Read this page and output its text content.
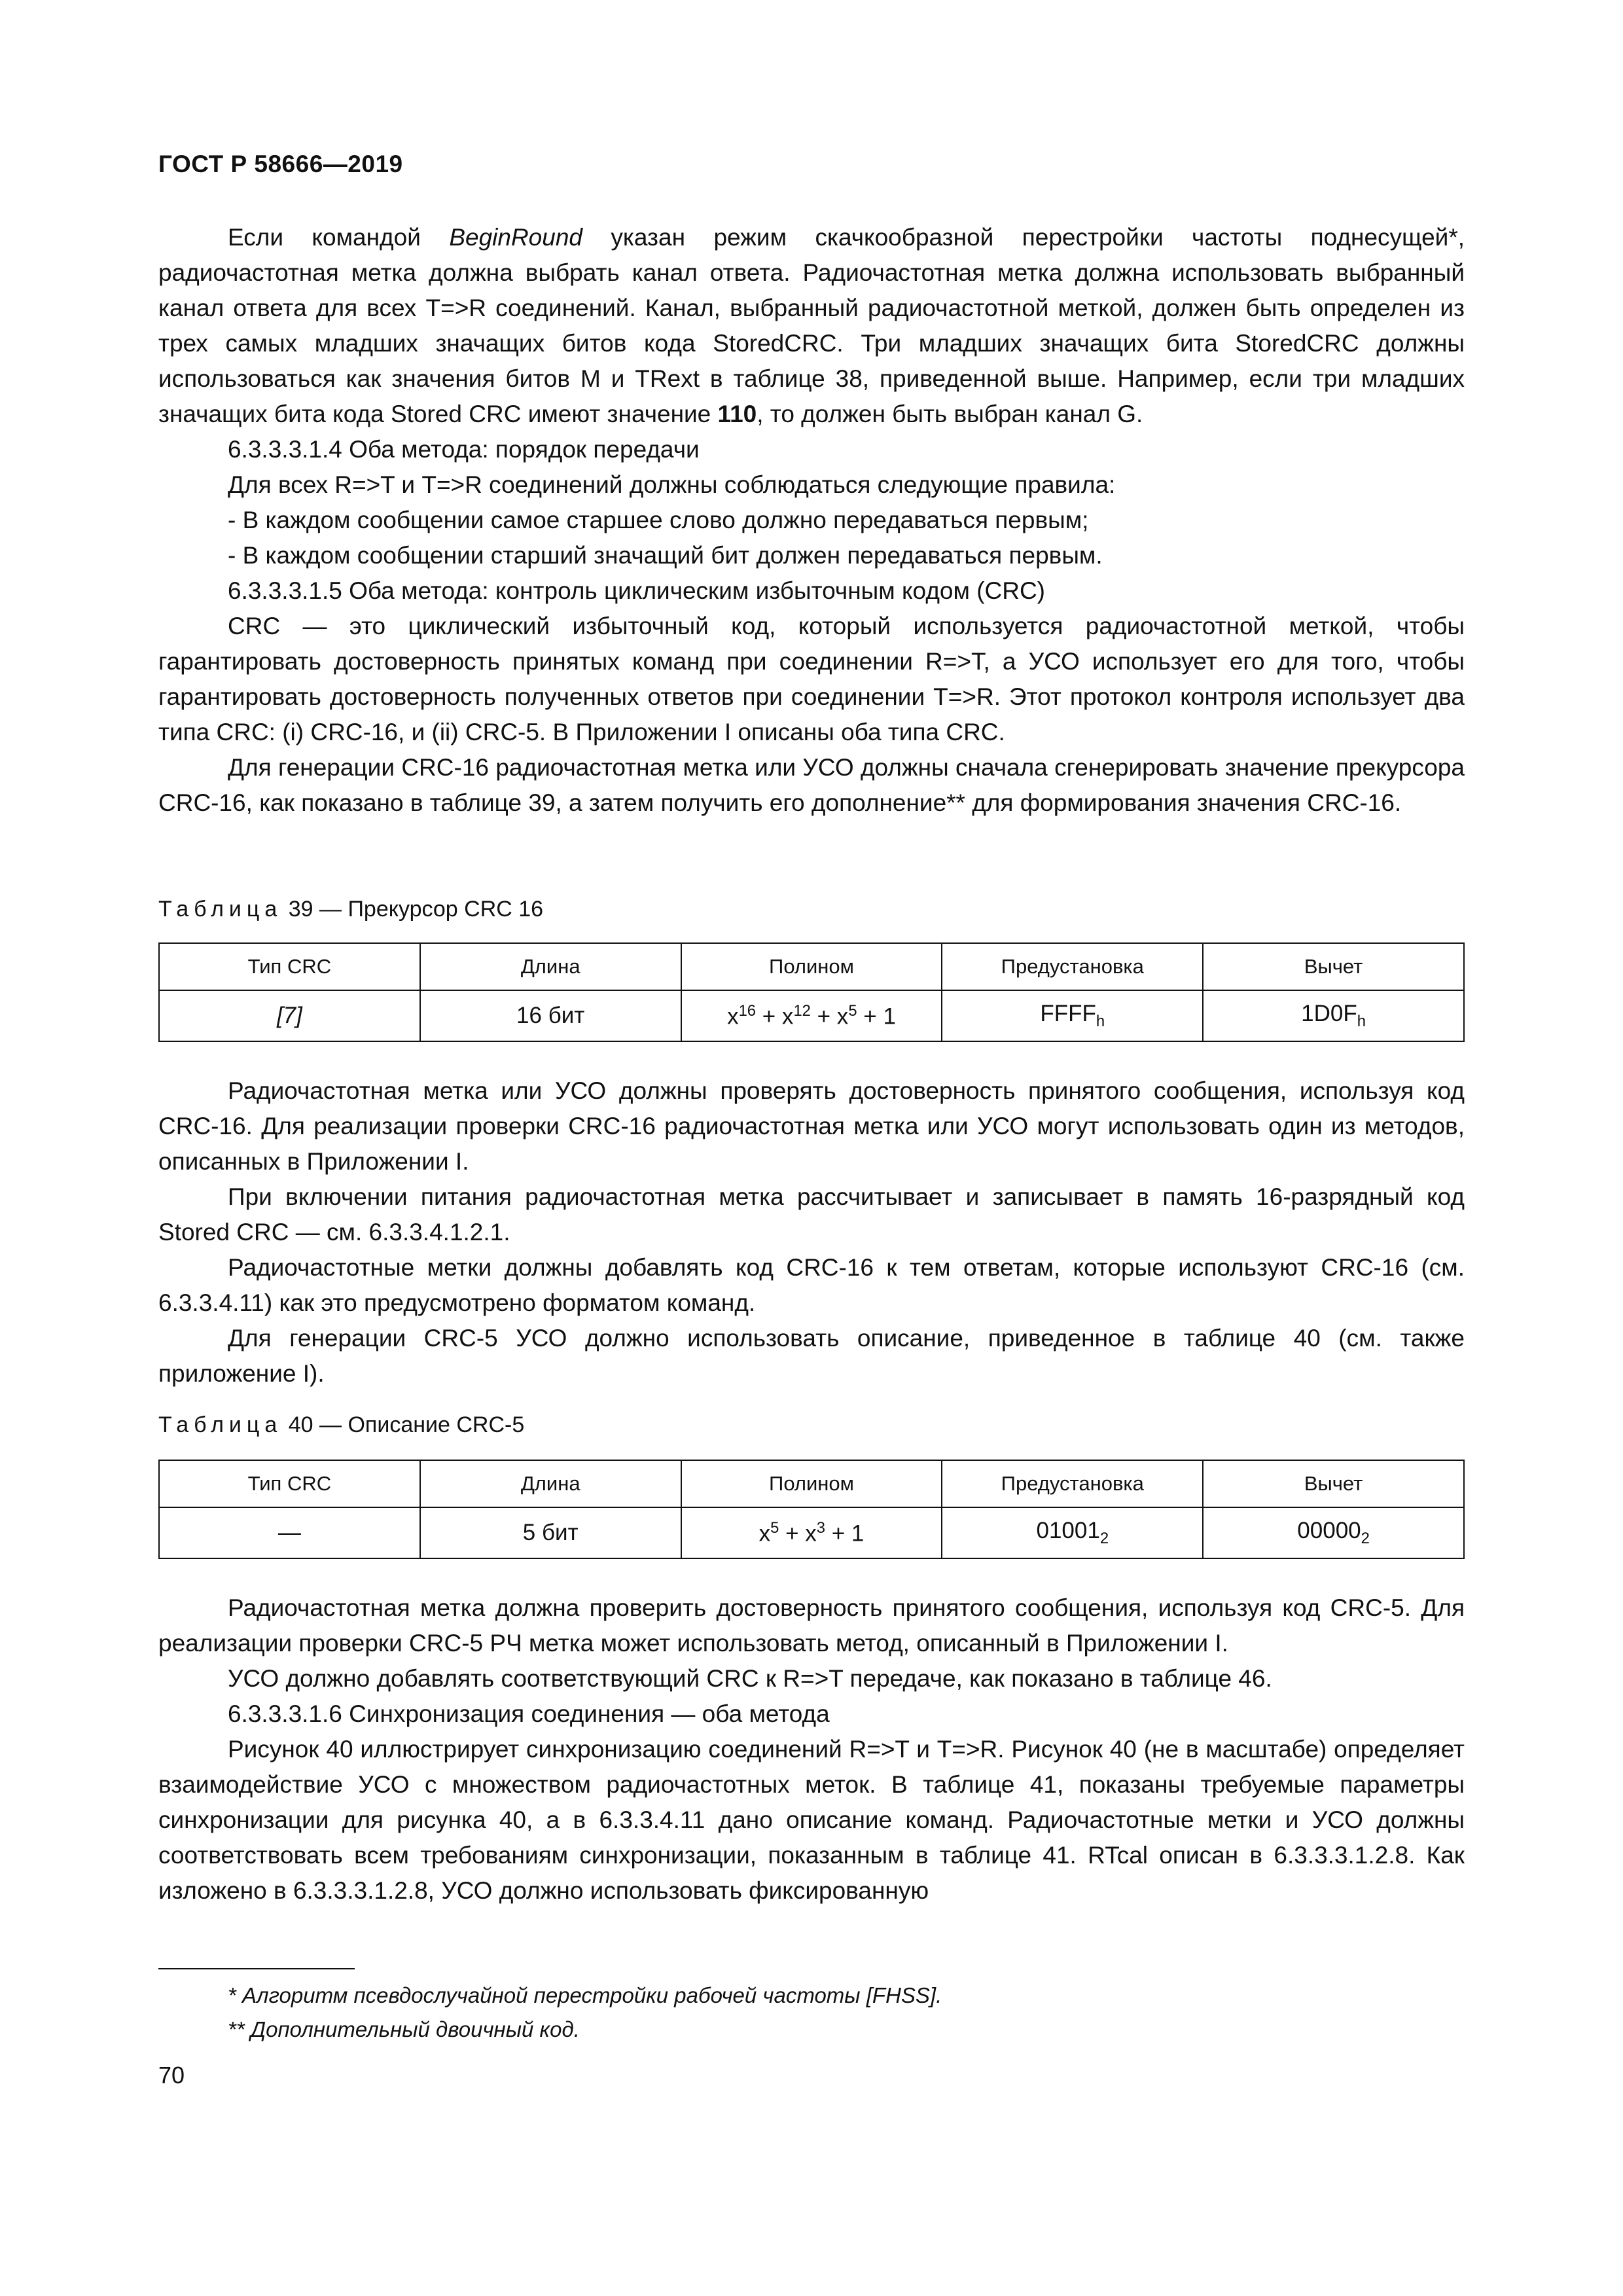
ГОСТ Р 58666—2019

Если командой BeginRound указан режим скачкообразной перестройки частоты поднесущей*, радиочастотная метка должна выбрать канал ответа. Радиочастотная метка должна использовать выбранный канал ответа для всех T=>R соединений. Канал, выбранный радиочастотной меткой, должен быть определен из трех самых младших значащих битов кода StoredCRC. Три младших значащих бита StoredCRC должны использоваться как значения битов M и TRext в таблице 38, приведенной выше. Например, если три младших значащих бита кода Stored CRC имеют значение 110, то должен быть выбран канал G.

6.3.3.3.1.4 Оба метода: порядок передачи

Для всех R=>T и T=>R соединений должны соблюдаться следующие правила:

- В каждом сообщении самое старшее слово должно передаваться первым;

- В каждом сообщении старший значащий бит должен передаваться первым.

6.3.3.3.1.5 Оба метода: контроль циклическим избыточным кодом (CRC)

CRC — это циклический избыточный код, который используется радиочастотной меткой, чтобы гарантировать достоверность принятых команд при соединении R=>T, а УСО использует его для того, чтобы гарантировать достоверность полученных ответов при соединении T=>R. Этот протокол контроля использует два типа CRC: (i) CRC-16, и (ii) CRC-5. В Приложении I описаны оба типа CRC.

Для генерации CRC-16 радиочастотная метка или УСО должны сначала сгенерировать значение прекурсора CRC-16, как показано в таблице 39, а затем получить его дополнение** для формирования значения CRC-16.

Таблица 39 — Прекурсор CRC 16
Тип CRC	Длина	Полином	Предустановка	Вычет
[7]	16 бит	$x^{16} + x^{12} + x^5 + 1$	$FFFF_h$	$1D0F_h$

Радиочастотная метка или УСО должны проверять достоверность принятого сообщения, используя код CRC-16. Для реализации проверки CRC-16 радиочастотная метка или УСО могут использовать один из методов, описанных в Приложении I.

При включении питания радиочастотная метка рассчитывает и записывает в память 16-разрядный код Stored CRC — см. 6.3.3.4.1.2.1.

Радиочастотные метки должны добавлять код CRC-16 к тем ответам, которые используют CRC-16 (см. 6.3.3.4.11) как это предусмотрено форматом команд.

Для генерации CRC-5 УСО должно использовать описание, приведенное в таблице 40 (см. также приложение I).

Таблица 40 — Описание CRC-5
Тип CRC	Длина	Полином	Предустановка	Вычет
—	5 бит	$x^5 + x^3 + 1$	$01001_2$	$00000_2$

Радиочастотная метка должна проверить достоверность принятого сообщения, используя код CRC-5. Для реализации проверки CRC-5 РЧ метка может использовать метод, описанный в Приложении I.

УСО должно добавлять соответствующий CRC к R=>T передаче, как показано в таблице 46.

6.3.3.3.1.6 Синхронизация соединения — оба метода

Рисунок 40 иллюстрирует синхронизацию соединений R=>T и T=>R. Рисунок 40 (не в масштабе) определяет взаимодействие УСО с множеством радиочастотных меток. В таблице 41, показаны требуемые параметры синхронизации для рисунка 40, а в 6.3.3.4.11 дано описание команд. Радиочастотные метки и УСО должны соответствовать всем требованиям синхронизации, показанным в таблице 41. RTcal описан в 6.3.3.3.1.2.8. Как изложено в 6.3.3.3.1.2.8, УСО должно использовать фиксированную

* Алгоритм псевдослучайной перестройки рабочей частоты [FHSS].
** Дополнительный двоичный код.
70
